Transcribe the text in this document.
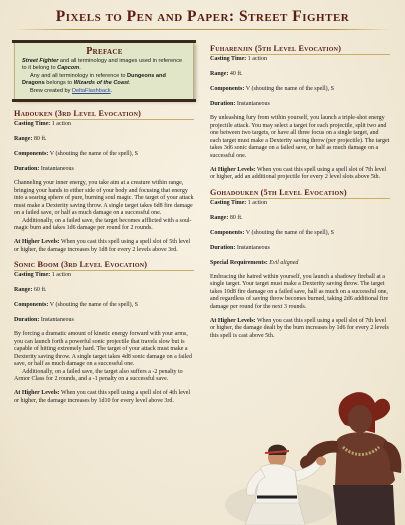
Pixels to Pen and Paper: Street Fighter
Preface

Street Fighter and all terminology and images used in reference to it belong to Capcom.

Any and all terminology in reference to Dungeons and Dragons belongs to Wizards of the Coast.

Brew created by DeltaFlashback.

Hadouken (3rd Level Evocation)
Casting Time: 1 action
Range: 80 ft.
Components: V (shouting the name of the spell), S
Duration: Instantaneous

Channeling your inner energy, you take aim at a creature within range, bringing your hands to either side of your body and focusing that energy into a searing sphere of pure, burning soul magic. The target of your attack must make a Dexterity saving throw. A single target takes 6d8 fire damage on a failed save, or half as much damage on a successful one.

Additionally, on a failed save, the target becomes afflicted with a soul-magic burn and takes 1d6 damage per round for 2 rounds.

At Higher Levels: When you cast this spell using a spell slot of 5th level or higher, the damage increases by 1d8 for every 2 levels above 3rd.

Sonic Boom (3rd Level Evocation)
Casting Time: 1 action
Range: 60 ft.
Components: V (shouting the name of the spell), S
Duration: Instantaneous

By forcing a dramatic amount of kinetic energy forward with your arms, you can launch forth a powerful sonic projectile that travels slow but is capable of hitting extremely hard. The target of your attack must make a Dexterity saving throw. A single target takes 4d8 sonic damage on a failed save, or half as much damage on a successful one.

Additionally, on a failed save, the target also suffers a -2 penalty to Armor Class for 2 rounds, and a -1 penalty on a successful save.

At Higher Levels: When you cast this spell using a spell slot of 4th level or higher, the damage increases by 1d10 for every level above 3rd.

Fuharenjin (5th Level Evocation)
Casting Time: 1 action
Range: 40 ft.
Components: V (shouting the name of the spell), S
Duration: Instantaneous

By unleashing fury from within yourself, you launch a triple-shot energy projectile attack. You may select a target for each projectile, split two and one between two targets, or have all three focus on a single target, and each target must make a Dexterity saving throw (per projectile). The target takes 3d6 sonic damage on a failed save, or half as much damage on a successful one.

At Higher Levels: When you cast this spell using a spell slot of 7th level or higher, add an additional projectile for every 2 level slots above 5th.

Gohadouken (5th Level Evocation)
Casting Time: 1 action
Range: 80 ft.
Components: V (shouting the name of the spell), S
Duration: Instantaneous
Special Requirements: Evil aligned

Embracing the hatred within yourself, you launch a shadowy fireball at a single target. Your target must make a Dexterity saving throw. The target takes 10d8 fire damage on a failed save, half as much on a successful one, and regardless of saving throw becomes burned, taking 2d6 additional fire damage per round for the next 3 rounds.

At Higher Levels: When you cast this spell using a spell slot of 7th level or higher, the damage dealt by the burn increases by 1d6 for every 2 levels this spell is cast above 5th.
